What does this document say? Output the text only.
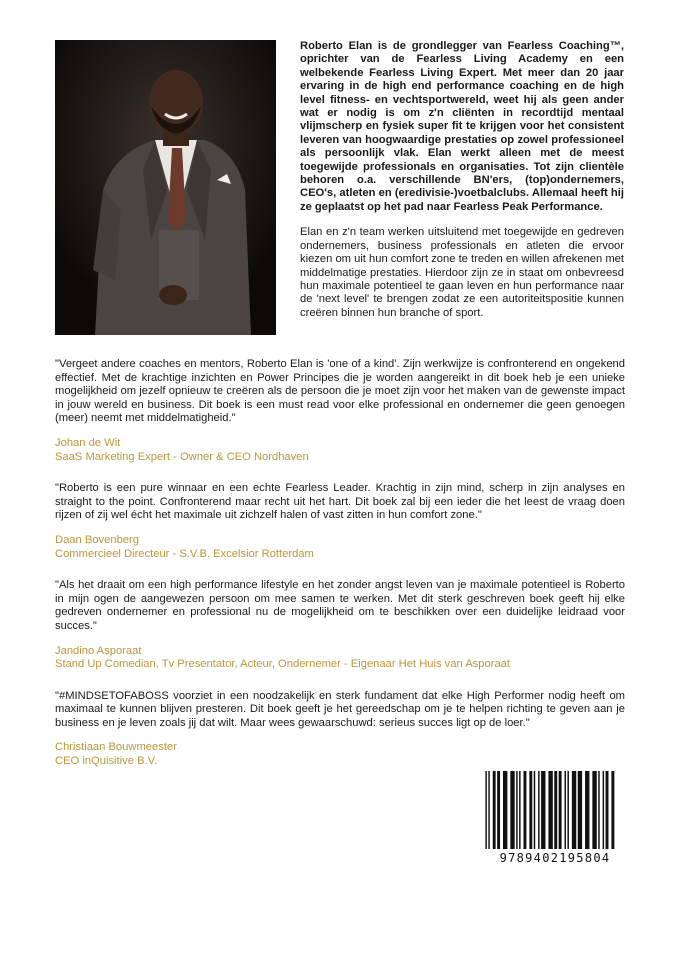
Roberto Elan is de grondlegger van Fearless Coaching™, oprichter van de Fearless Living Academy en een welbekende Fearless Living Expert. Met meer dan 20 jaar ervaring in de high end performance coaching en de high level fitness- en vechtsportwereld, weet hij als geen ander wat er nodig is om z'n cliënten in recordtijd mentaal vlijmscherp en fysiek super fit te krijgen voor het consistent leveren van hoogwaardige prestaties op zowel professioneel als persoonlijk vlak. Elan werkt alleen met de meest toegewijde professionals en organisaties. Tot zijn clientèle behoren o.a. verschillende BN'ers, (top)ondernemers, CEO's, atleten en (eredivisie-)voetbalclubs. Allemaal heeft hij ze geplaatst op het pad naar Fearless Peak Performance.

Elan en z'n team werken uitsluitend met toegewijde en gedreven ondernemers, business professionals en atleten die ervoor kiezen om uit hun comfort zone te treden en willen afrekenen met middelmatige prestaties. Hierdoor zijn ze in staat om onbevreesd hun maximale potentieel te gaan leven en hun performance naar de 'next level' te brengen zodat ze een autoriteitspositie kunnen creëren binnen hun branche of sport.

"Vergeet andere coaches en mentors, Roberto Elan is 'one of a kind'. Zijn werkwijze is confronterend en ongekend effectief. Met de krachtige inzichten en Power Principes die je worden aangereikt in dit boek heb je een unieke mogelijkheid om jezelf opnieuw te creëren als de persoon die je moet zijn voor het maken van de gewenste impact in jouw wereld en business. Dit boek is een must read voor elke professional en ondernemer die geen genoegen (meer) neemt met middelmatigheid."

Johan de Wit
SaaS Marketing Expert - Owner & CEO Nordhaven

"Roberto is een pure winnaar en een echte Fearless Leader. Krachtig in zijn mind, scherp in zijn analyses en straight to the point. Confronterend maar recht uit het hart. Dit boek zal bij een ieder die het leest de vraag doen rijzen of zij wel écht het maximale uit zichzelf halen of vast zitten in hun comfort zone."

Daan Bovenberg
Commercieel Directeur - S.V.B. Excelsior Rotterdam

"Als het draait om een high performance lifestyle en het zonder angst leven van je maximale potentieel is Roberto in mijn ogen de aangewezen persoon om mee samen te werken. Met dit sterk geschreven boek geeft hij elke gedreven ondernemer en professional nu de mogelijkheid om te beschikken over een duidelijke leidraad voor succes."

Jandino Asporaat
Stand Up Comedian, Tv Presentator, Acteur, Ondernemer - Eigenaar Het Huis van Asporaat

"#MINDSETOFABOSS voorziet in een noodzakelijk en sterk fundament dat elke High Performer nodig heeft om maximaal te kunnen blijven presteren. Dit boek geeft je het gereedschap om je te helpen richting te geven aan je business en je leven zoals jij dat wilt. Maar wees gewaarschuwd: serieus succes ligt op de loer."

Christiaan Bouwmeester
CEO inQuisitive B.V.
9789402195804
